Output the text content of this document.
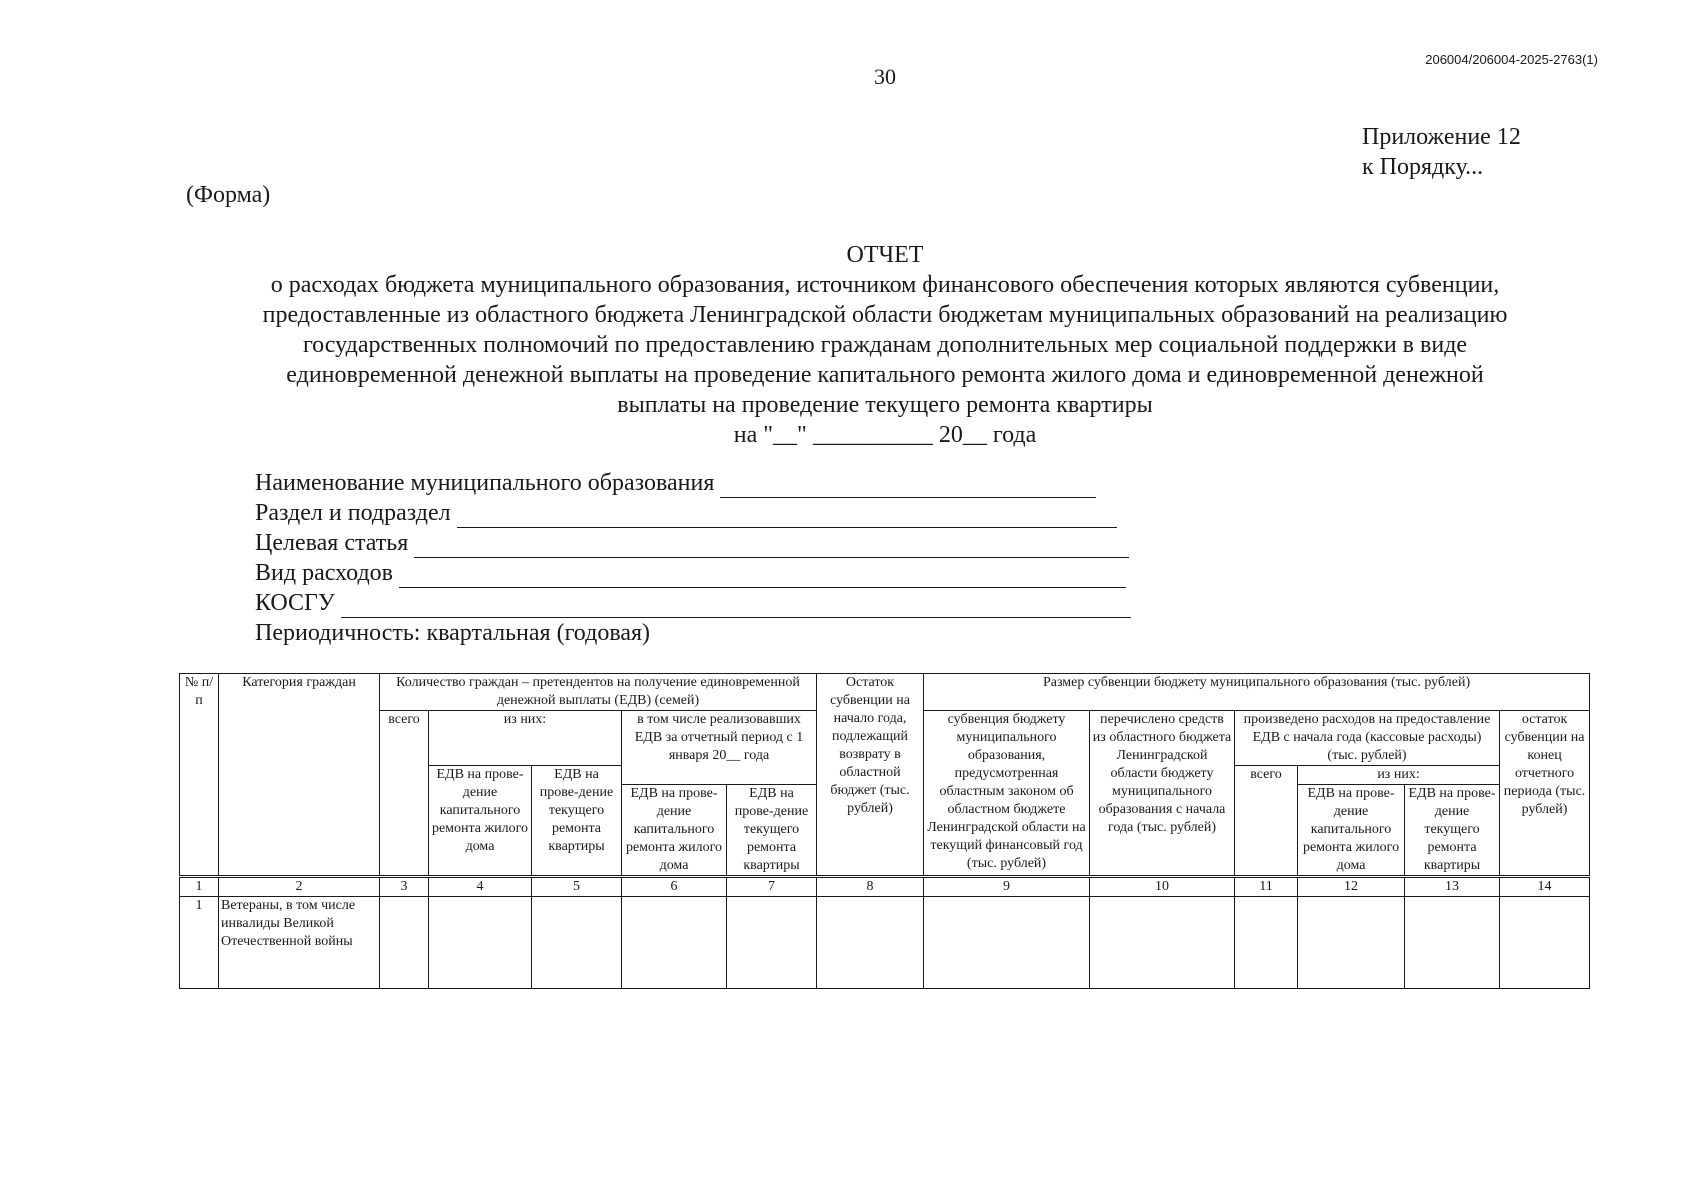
206004/206004-2025-2763(1)
30
Приложение 12
к Порядку...
(Форма)
ОТЧЕТ
о расходах бюджета муниципального образования, источником финансового обеспечения которых являются субвенции,
предоставленные из областного бюджета Ленинградской области бюджетам муниципальных образований на реализацию
государственных полномочий по предоставлению гражданам дополнительных мер социальной поддержки в виде
единовременной денежной выплаты на проведение капитального ремонта жилого дома и единовременной денежной
выплаты на проведение текущего ремонта квартиры
на "__" __________ 20__ года
Наименование муниципального образования
Раздел и подраздел
Целевая статья
Вид расходов
КОСГУ
Периодичность: квартальная (годовая)
№ п/п	Категория граждан	Количество граждан – претендентов на получение единовременной денежной выплаты (ЕДВ) (семей)					Остаток субвенции на начало года, подлежащий возврату в областной бюджет (тыс. рублей)	Размер субвенции бюджету муниципального образования (тыс. рублей)					
		всего	из них:		в том числе реализовавших ЕДВ за отчетный период с 1 января 20__ года			субвенция бюджету муниципального образования, предусмотренная областным законом об областном бюджете Ленинградской области на текущий финансовый год (тыс. рублей)	перечислено средств из областного бюджета Ленинградской области бюджету муниципального образования с начала года (тыс. рублей)	произведено расходов на предоставление ЕДВ с начала года (кассовые расходы) (тыс. рублей)			остаток субвенции на конец отчетного периода (тыс. рублей)
			ЕДВ на прове-дение капитального ремонта жилого дома	ЕДВ на прове-дение текущего ремонта квартиры						всего	из них:		
					ЕДВ на прове-дение капитального ремонта жилого дома	ЕДВ на прове-дение текущего ремонта квартиры					ЕДВ на прове-дение капитального ремонта жилого дома	ЕДВ на прове-дение текущего ремонта квартиры	
1	2	3	4	5	6	7	8	9	10	11	12	13	14
1	Ветераны, в том числе инвалиды Великой Отечественной войны												
